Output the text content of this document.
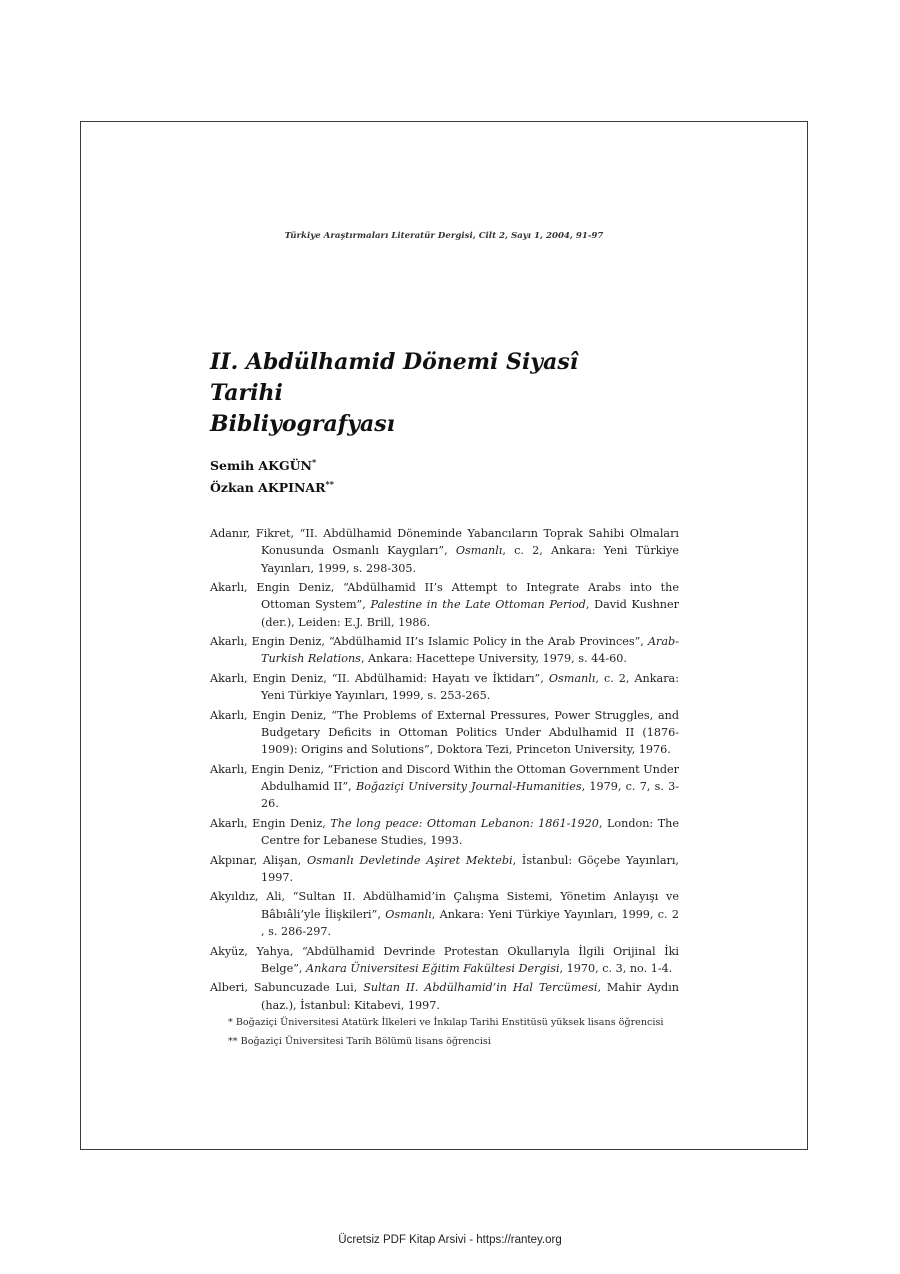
Türkiye Araştırmaları Literatür Dergisi, Cilt 2, Sayı 1, 2004, 91-97
II. Abdülhamid Dönemi Siyasî Tarihi
Bibliyografyası
Semih AKGÜN*
Özkan AKPINAR**
Adanır, Fikret, “II. Abdülhamid Döneminde Yabancıların Toprak Sahibi Olmaları Konusunda Osmanlı Kaygıları”, Osmanlı, c. 2, Ankara: Yeni Türkiye Yayınları, 1999, s. 298-305.
Akarlı, Engin Deniz, “Abdülhamid II’s Attempt to Integrate Arabs into the Ottoman System”, Palestine in the Late Ottoman Period, David Kushner (der.), Leiden: E.J. Brill, 1986.
Akarlı, Engin Deniz, “Abdülhamid II’s Islamic Policy in the Arab Provinces”, Arab-Turkish Relations, Ankara: Hacettepe University, 1979, s. 44-60.
Akarlı, Engin Deniz, “II. Abdülhamid: Hayatı ve İktidarı”, Osmanlı, c. 2, Ankara: Yeni Türkiye Yayınları, 1999, s. 253-265.
Akarlı, Engin Deniz, “The Problems of External Pressures, Power Struggles, and Budgetary Deficits in Ottoman Politics Under Abdulhamid II (1876-1909): Origins and Solutions”, Doktora Tezi, Princeton University, 1976.
Akarlı, Engin Deniz, “Friction and Discord Within the Ottoman Government Under Abdulhamid II”, Boğaziçi University Journal-Humanities, 1979, c. 7, s. 3-26.
Akarlı, Engin Deniz, The long peace: Ottoman Lebanon: 1861-1920, London: The Centre for Lebanese Studies, 1993.
Akpınar, Alişan, Osmanlı Devletinde Aşiret Mektebi, İstanbul: Göçebe Yayınları, 1997.
Akyıldız, Ali, “Sultan II. Abdülhamid’in Çalışma Sistemi, Yönetim Anlayışı ve Bâbıâli’yle İlişkileri”, Osmanlı, Ankara: Yeni Türkiye Yayınları, 1999, c. 2 , s. 286-297.
Akyüz, Yahya, “Abdülhamid Devrinde Protestan Okullarıyla İlgili Orijinal İki Belge”, Ankara Üniversitesi Eğitim Fakültesi Dergisi, 1970, c. 3, no. 1-4.
Alberi, Sabuncuzade Lui, Sultan II. Abdülhamid’in Hal Tercümesi, Mahir Aydın (haz.), İstanbul: Kitabevi, 1997.
* Boğaziçi Üniversitesi Atatürk İlkeleri ve İnkılap Tarihi Enstitüsü yüksek lisans öğrencisi
** Boğaziçi Üniversitesi Tarih Bölümü lisans öğrencisi
Ücretsiz PDF Kitap Arsivi - https://rantey.org
